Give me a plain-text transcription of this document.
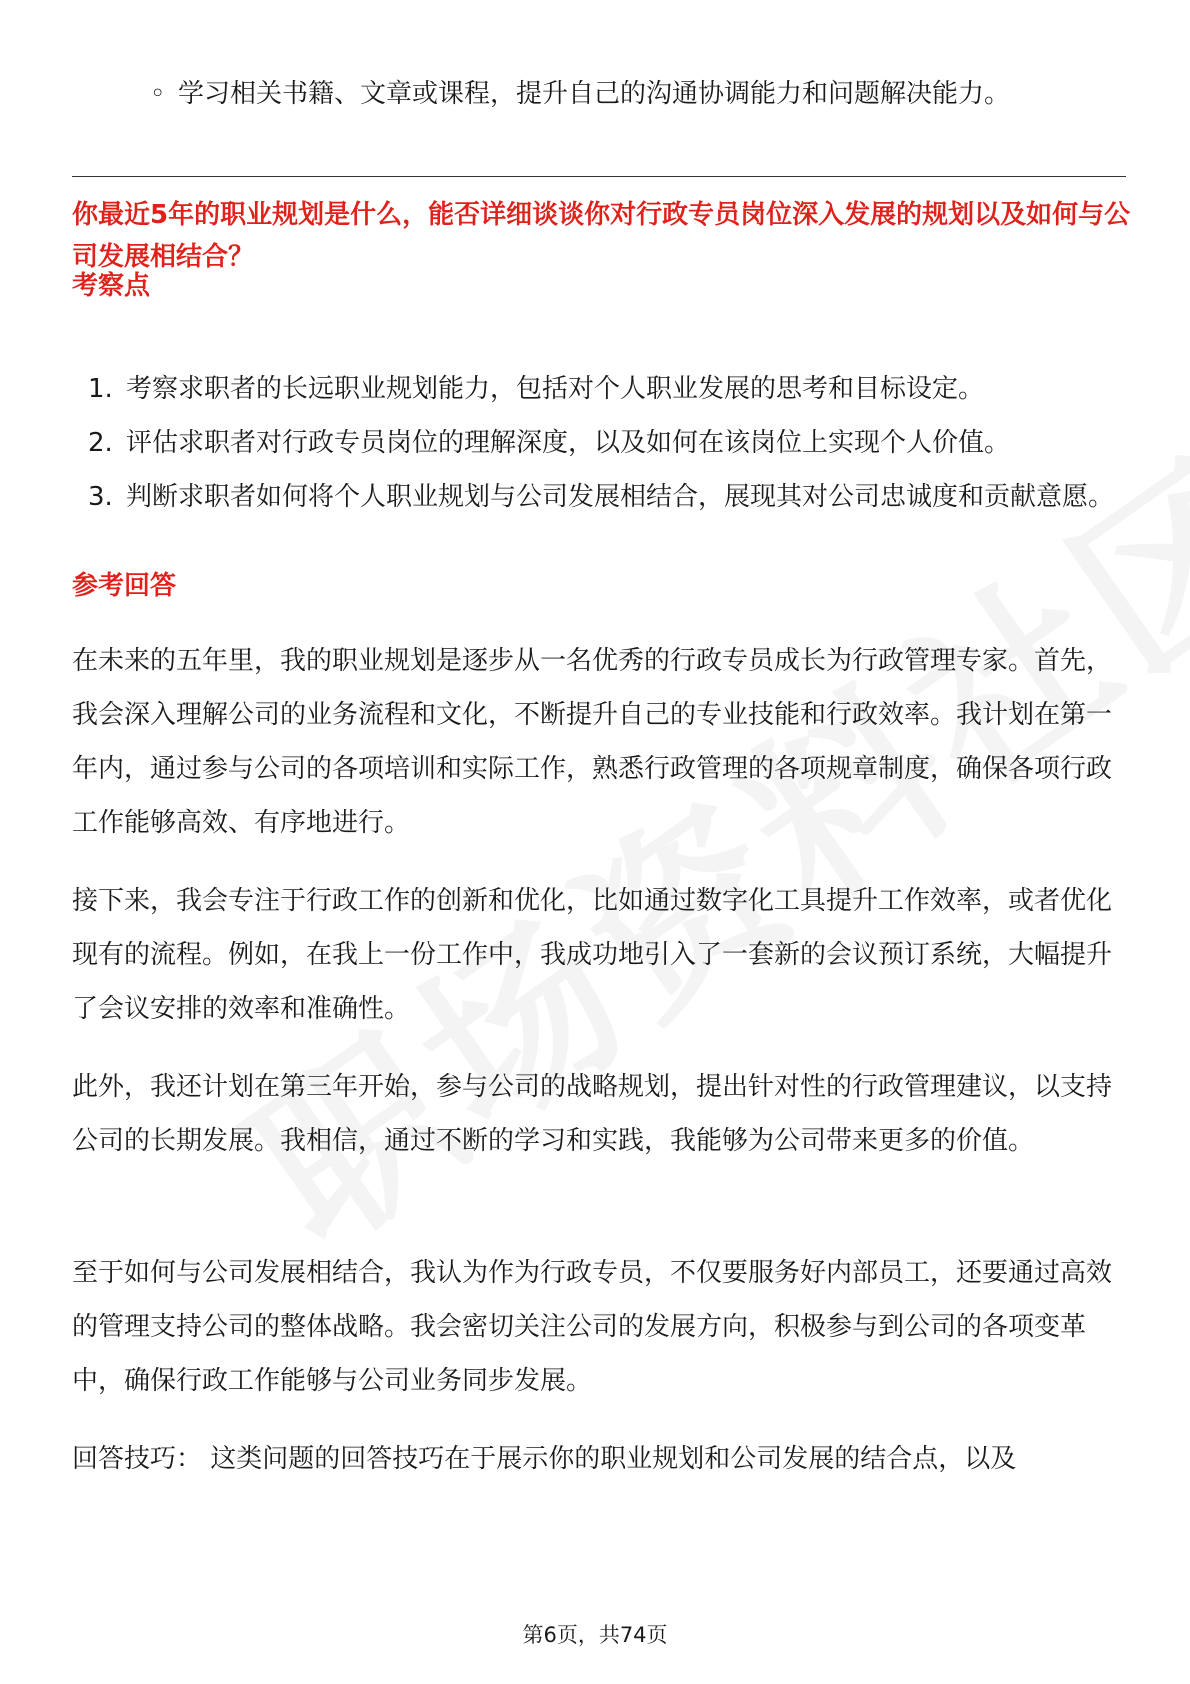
◦ 学习相关书籍、文章或课程，提升自己的沟通协调能力和问题解决能力。
你最近5年的职业规划是什么，能否详细谈谈你对行政专员岗位深入发展的规划以及如何与公司发展相结合？
考察点
1. 考察求职者的长远职业规划能力，包括对个人职业发展的思考和目标设定。
2. 评估求职者对行政专员岗位的理解深度，以及如何在该岗位上实现个人价值。
3. 判断求职者如何将个人职业规划与公司发展相结合，展现其对公司忠诚度和贡献意愿。
参考回答

在未来的五年里，我的职业规划是逐步从一名优秀的行政专员成长为行政管理专家。首先，我会深入理解公司的业务流程和文化，不断提升自己的专业技能和行政效率。我计划在第一年内，通过参与公司的各项培训和实际工作，熟悉行政管理的各项规章制度，确保各项行政工作能够高效、有序地进行。

接下来，我会专注于行政工作的创新和优化，比如通过数字化工具提升工作效率，或者优化现有的流程。例如，在我上一份工作中，我成功地引入了一套新的会议预订系统，大幅提升了会议安排的效率和准确性。

此外，我还计划在第三年开始，参与公司的战略规划，提出针对性的行政管理建议，以支持公司的长期发展。我相信，通过不断的学习和实践，我能够为公司带来更多的价值。

至于如何与公司发展相结合，我认为作为行政专员，不仅要服务好内部员工，还要通过高效的管理支持公司的整体战略。我会密切关注公司的发展方向，积极参与到公司的各项变革中，确保行政工作能够与公司业务同步发展。

回答技巧： 这类问题的回答技巧在于展示你的职业规划和公司发展的结合点，以及

第6页，共74页
